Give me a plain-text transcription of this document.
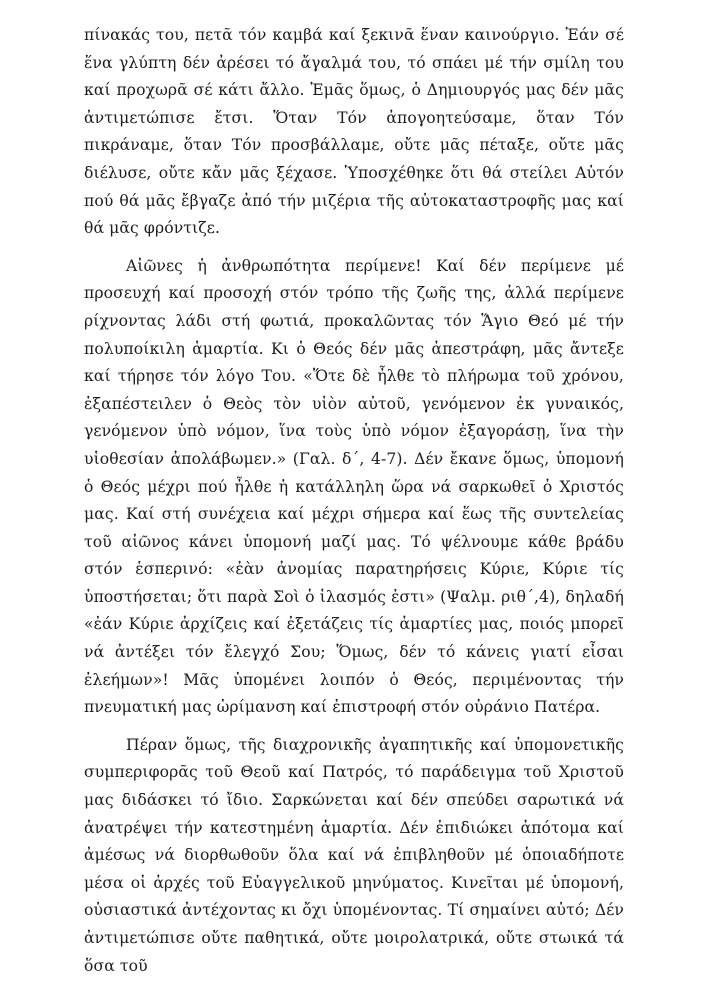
πίνακάς του, πετᾶ τόν καμβά καί ξεκινᾶ ἕναν καινούργιο. Ἐάν σέ ἕνα γλύπτη δέν ἀρέσει τό ἄγαλμά του, τό σπάει μέ τήν σμίλη του καί προχωρᾶ σέ κάτι ἄλλο. Ἐμᾶς ὅμως, ὁ Δημιουργός μας δέν μᾶς ἀντιμετώπισε ἔτσι. Ὅταν Τόν ἀπογοητεύσαμε, ὅταν Τόν πικράναμε, ὅταν Τόν προσβάλλαμε, οὔτε μᾶς πέταξε, οὔτε μᾶς διέλυσε, οὔτε κἄν μᾶς ξέχασε. Ὑποσχέθηκε ὅτι θά στείλει Αὐτόν πού θά μᾶς ἔβγαζε ἀπό τήν μιζέρια τῆς αὐτοκαταστροφῆς μας καί θά μᾶς φρόντιζε.

Αἰῶνες ἡ ἀνθρωπότητα περίμενε! Καί δέν περίμενε μέ προσευχή καί προσοχή στόν τρόπο τῆς ζωῆς της, ἀλλά περίμενε ρίχνοντας λάδι στή φωτιά, προκαλῶντας τόν Ἅγιο Θεό μέ τήν πολυποίκιλη ἁμαρτία. Κι ὁ Θεός δέν μᾶς ἀπεστράφη, μᾶς ἄντεξε καί τήρησε τόν λόγο Του. «Ὅτε δὲ ἦλθε τὸ πλήρωμα τοῦ χρόνου, ἐξαπέστειλεν ὁ Θεὸς τὸν υἱὸν αὐτοῦ, γενόμενον ἐκ γυναικός, γενόμενον ὑπὸ νόμον, ἵνα τοὺς ὑπὸ νόμον ἐξαγοράσῃ, ἵνα τὴν υἱοθεσίαν ἀπολάβωμεν.» (Γαλ. δ΄, 4-7). Δέν ἔκανε ὅμως, ὑπομονή ὁ Θεός μέχρι πού ἦλθε ἡ κατάλληλη ὥρα νά σαρκωθεῖ ὁ Χριστός μας. Καί στή συνέχεια καί μέχρι σήμερα καί ἕως τῆς συντελείας τοῦ αἰῶνος κάνει ὑπομονή μαζί μας. Τό ψέλνουμε κάθε βράδυ στόν ἑσπερινό: «ἐὰν ἀνομίας παρατηρήσεις Κύριε, Κύριε τίς ὑποστήσεται; ὅτι παρὰ Σοὶ ὁ ἱλασμός ἐστι» (Ψαλμ. ριθ΄,4), δηλαδή «ἐάν Κύριε ἀρχίζεις καί ἐξετάζεις τίς ἁμαρτίες μας, ποιός μπορεῖ νά ἀντέξει τόν ἔλεγχό Σου; Ὅμως, δέν τό κάνεις γιατί εἶσαι ἐλεήμων»! Μᾶς ὑπομένει λοιπόν ὁ Θεός, περιμένοντας τήν πνευματική μας ὡρίμανση καί ἐπιστροφή στόν οὐράνιο Πατέρα.

Πέραν ὅμως, τῆς διαχρονικῆς ἀγαπητικῆς καί ὑπομονετικῆς συμπεριφορᾶς τοῦ Θεοῦ καί Πατρός, τό παράδειγμα τοῦ Χριστοῦ μας διδάσκει τό ἴδιο. Σαρκώνεται καί δέν σπεύδει σαρωτικά νά ἀνατρέψει τήν κατεστημένη ἁμαρτία. Δέν ἐπιδιώκει ἀπότομα καί ἀμέσως νά διορθωθοῦν ὅλα καί νά ἐπιβληθοῦν μέ ὁποιαδήποτε μέσα οἱ ἀρχές τοῦ Εὐαγγελικοῦ μηνύματος. Κινεῖται μέ ὑπομονή, οὐσιαστικά ἀντέχοντας κι ὄχι ὑπομένοντας. Τί σημαίνει αὐτό; Δέν ἀντιμετώπισε οὔτε παθητικά, οὔτε μοιρολατρικά, οὔτε στωικά τά ὅσα τοῦ
